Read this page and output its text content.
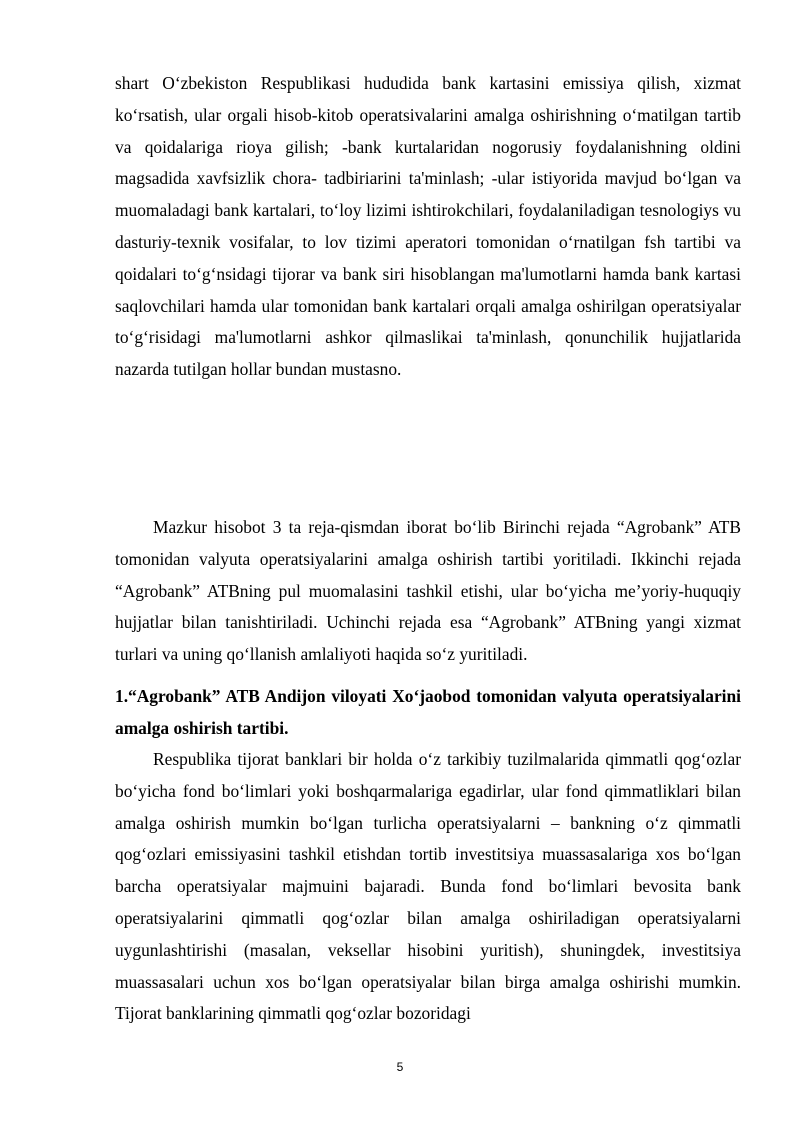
shart O‘zbekiston Respublikasi hududida bank kartasini emissiya qilish, xizmat ko‘rsatish, ular orgali hisob-kitob operatsivalarini amalga oshirishning o‘matilgan tartib va qoidalariga rioya gilish; -bank kurtalaridan nogorusiy foydalanishning oldini magsadida xavfsizlik chora- tadbiriarini ta'minlash; -ular istiyorida mavjud bo‘lgan va muomaladagi bank kartalari, to‘loy lizimi ishtirokchilari, foydalaniladigan tesnologiys vu dasturiy-texnik vosifalar, to lov tizimi aperatori tomonidan o‘rnatilgan fsh tartibi va qoidalari to‘g‘nsidagi tijorar va bank siri hisoblangan ma'lumotlarni hamda bank kartasi saqlovchilari hamda ular tomonidan bank kartalari orqali amalga oshirilgan operatsiyalar to‘g‘risidagi ma'lumotlarni ashkor qilmaslikai ta'minlash, qonunchilik hujjatlarida nazarda tutilgan hollar bundan mustasno.

Mazkur hisobot 3 ta reja-qismdan iborat bo‘lib Birinchi rejada “Agrobank” ATB tomonidan valyuta operatsiyalarini amalga oshirish tartibi yoritiladi. Ikkinchi rejada “Agrobank” ATBning pul muomalasini tashkil etishi, ular bo‘yicha me’yoriy-huquqiy hujjatlar bilan tanishtiriladi. Uchinchi rejada esa “Agrobank” ATBning yangi xizmat turlari va uning qo‘llanish amlaliyoti haqida so‘z yuritiladi.

1.“Agrobank” ATB Andijon viloyati Xo‘jaobod tomonidan valyuta operatsiyalarini amalga oshirish tartibi.

Respublika tijorat banklari bir holda o‘z tarkibiy tuzilmalarida qimmatli qog‘ozlar bo‘yicha fond bo‘limlari yoki boshqarmalariga egadirlar, ular fond qimmatliklari bilan amalga oshirish mumkin bo‘lgan turlicha operatsiyalarni – bankning o‘z qimmatli qog‘ozlari emissiyasini tashkil etishdan tortib investitsiya muassasalariga xos bo‘lgan barcha operatsiyalar majmuini bajaradi. Bunda fond bo‘limlari bevosita bank operatsiyalarini qimmatli qog‘ozlar bilan amalga oshiriladigan operatsiyalarni uygunlashtirishi (masalan, veksellar hisobini yuritish), shuningdek, investitsiya muassasalari uchun xos bo‘lgan operatsiyalar bilan birga amalga oshirishi mumkin. Tijorat banklarining qimmatli qog‘ozlar bozoridagi

5
